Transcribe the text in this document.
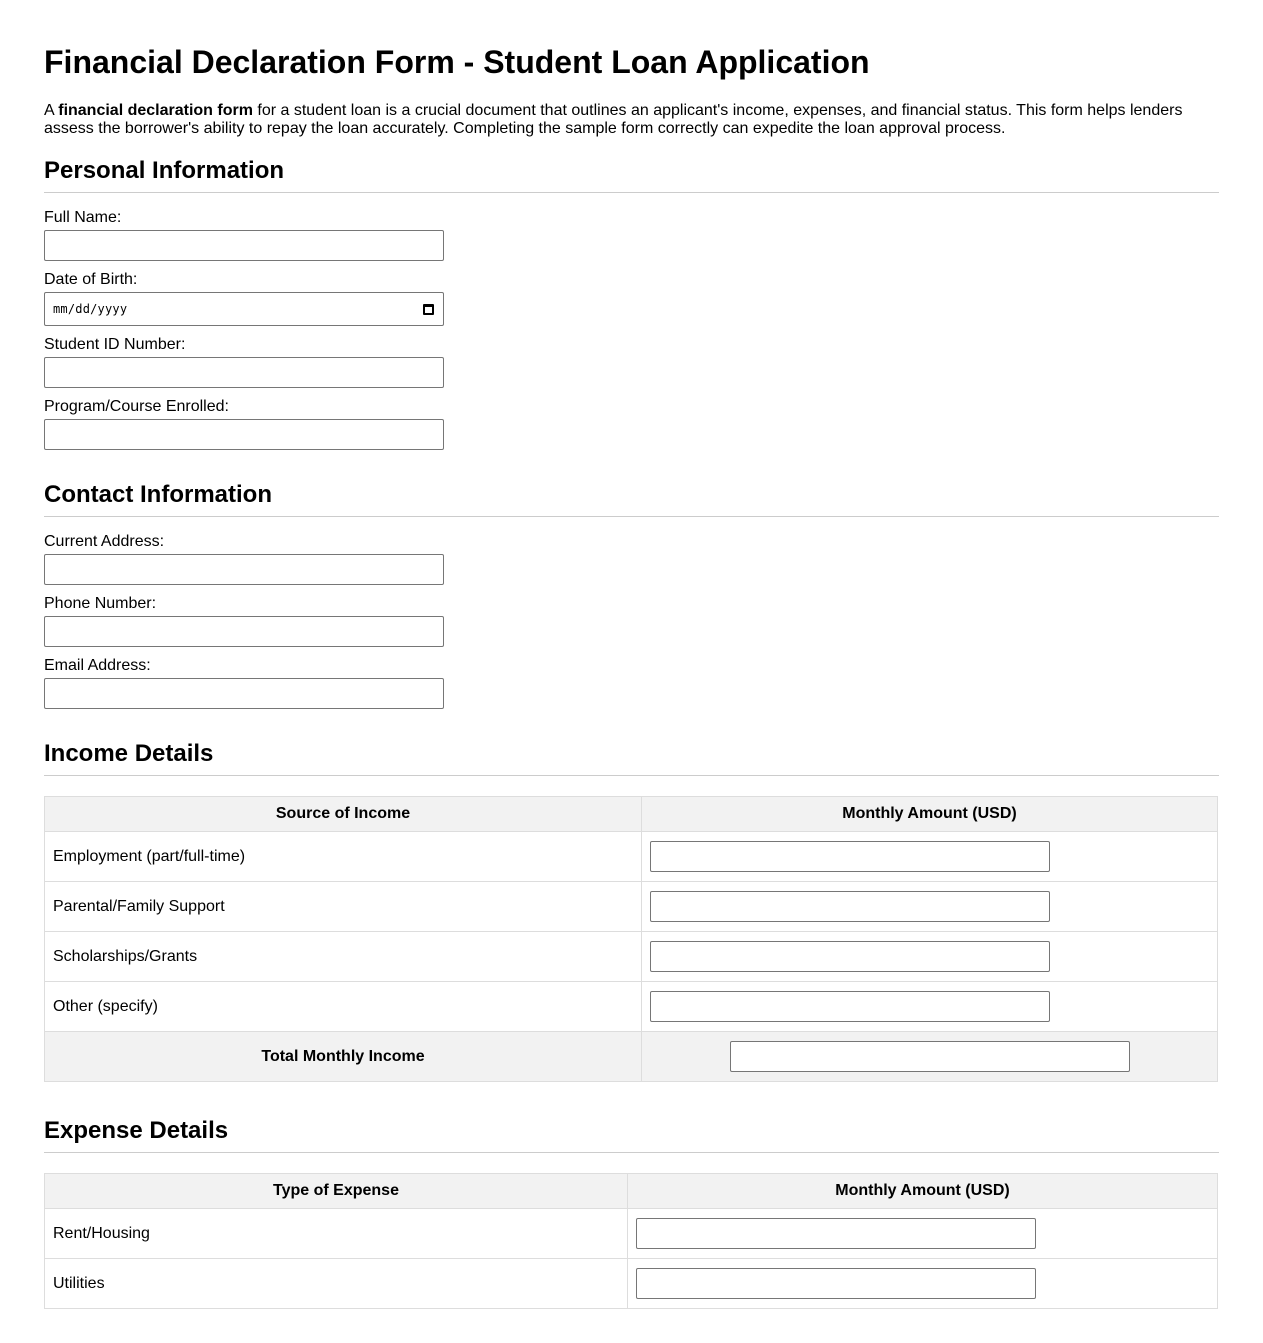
Financial Declaration Form - Student Loan Application

A financial declaration form for a student loan is a crucial document that outlines an applicant's income, expenses, and financial status. This form helps lenders assess the borrower's ability to repay the loan accurately. Completing the sample form correctly can expedite the loan approval process.

Personal Information
Full Name:
Date of Birth:
mm/dd/yyyy
Student ID Number:
Program/Course Enrolled:
Contact Information
Current Address:
Phone Number:
Email Address:
Income Details
Source of Income	Monthly Amount (USD)
Employment (part/full-time)	

Parental/Family Support	

Scholarships/Grants	

Other (specify)	

Total Monthly Income	
Expense Details
Type of Expense	Monthly Amount (USD)
Rent/Housing	

Utilities	
